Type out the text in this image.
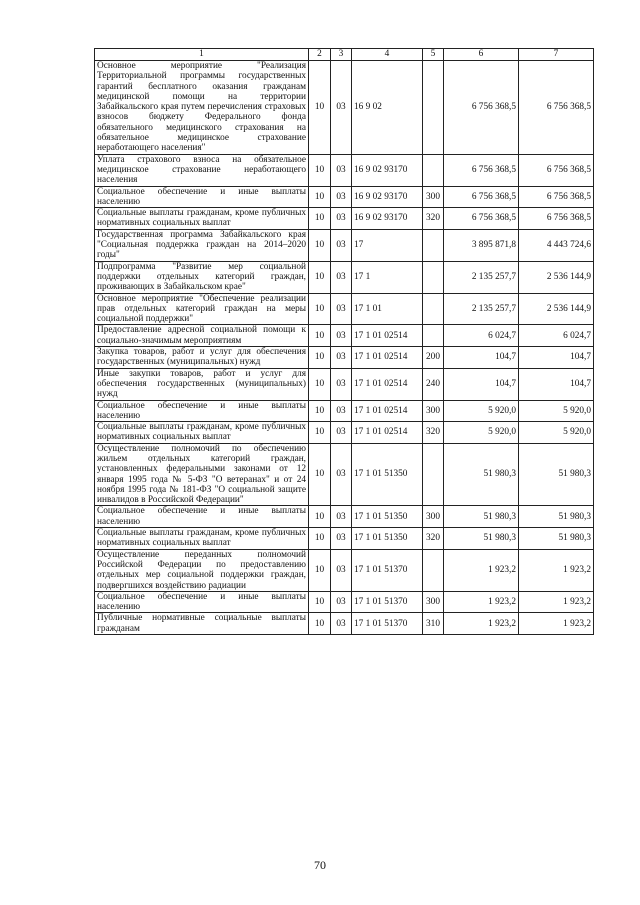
1	2	3	4	5	6	7
Основное мероприятие "Реализация Территориальной программы государственных гарантий бесплатного оказания гражданам медицинской помощи на территории Забайкальского края путем перечисления страховых взносов бюджету Федерального фонда обязательного медицинского страхования на обязательное медицинское страхование неработающего населения"	10	03	16 9 02		6 756 368,5	6 756 368,5
Уплата страхового взноса на обязательное медицинское страхование неработающего населения	10	03	16 9 02 93170		6 756 368,5	6 756 368,5
Социальное обеспечение и иные выплаты населению	10	03	16 9 02 93170	300	6 756 368,5	6 756 368,5
Социальные выплаты гражданам, кроме публичных нормативных социальных выплат	10	03	16 9 02 93170	320	6 756 368,5	6 756 368,5
Государственная программа Забайкальского края "Социальная поддержка граждан на 2014–2020 годы"	10	03	17		3 895 871,8	4 443 724,6
Подпрограмма "Развитие мер социальной поддержки отдельных категорий граждан, проживающих в Забайкальском крае"	10	03	17 1		2 135 257,7	2 536 144,9
Основное мероприятие "Обеспечение реализации прав отдельных категорий граждан на меры социальной поддержки"	10	03	17 1 01		2 135 257,7	2 536 144,9
Предоставление адресной социальной помощи к социально-значимым мероприятиям	10	03	17 1 01 02514		6 024,7	6 024,7
Закупка товаров, работ и услуг для обеспечения государственных (муниципальных) нужд	10	03	17 1 01 02514	200	104,7	104,7
Иные закупки товаров, работ и услуг для обеспечения государственных (муниципальных) нужд	10	03	17 1 01 02514	240	104,7	104,7
Социальное обеспечение и иные выплаты населению	10	03	17 1 01 02514	300	5 920,0	5 920,0
Социальные выплаты гражданам, кроме публичных нормативных социальных выплат	10	03	17 1 01 02514	320	5 920,0	5 920,0
Осуществление полномочий по обеспечению жильем отдельных категорий граждан, установленных федеральными законами от 12 января 1995 года № 5-ФЗ "О ветеранах" и от 24 ноября 1995 года № 181-ФЗ "О социальной защите инвалидов в Российской Федерации"	10	03	17 1 01 51350		51 980,3	51 980,3
Социальное обеспечение и иные выплаты населению	10	03	17 1 01 51350	300	51 980,3	51 980,3
Социальные выплаты гражданам, кроме публичных нормативных социальных выплат	10	03	17 1 01 51350	320	51 980,3	51 980,3
Осуществление переданных полномочий Российской Федерации по предоставлению отдельных мер социальной поддержки граждан, подвергшихся воздействию радиации	10	03	17 1 01 51370		1 923,2	1 923,2
Социальное обеспечение и иные выплаты населению	10	03	17 1 01 51370	300	1 923,2	1 923,2
Публичные нормативные социальные выплаты гражданам	10	03	17 1 01 51370	310	1 923,2	1 923,2
70
